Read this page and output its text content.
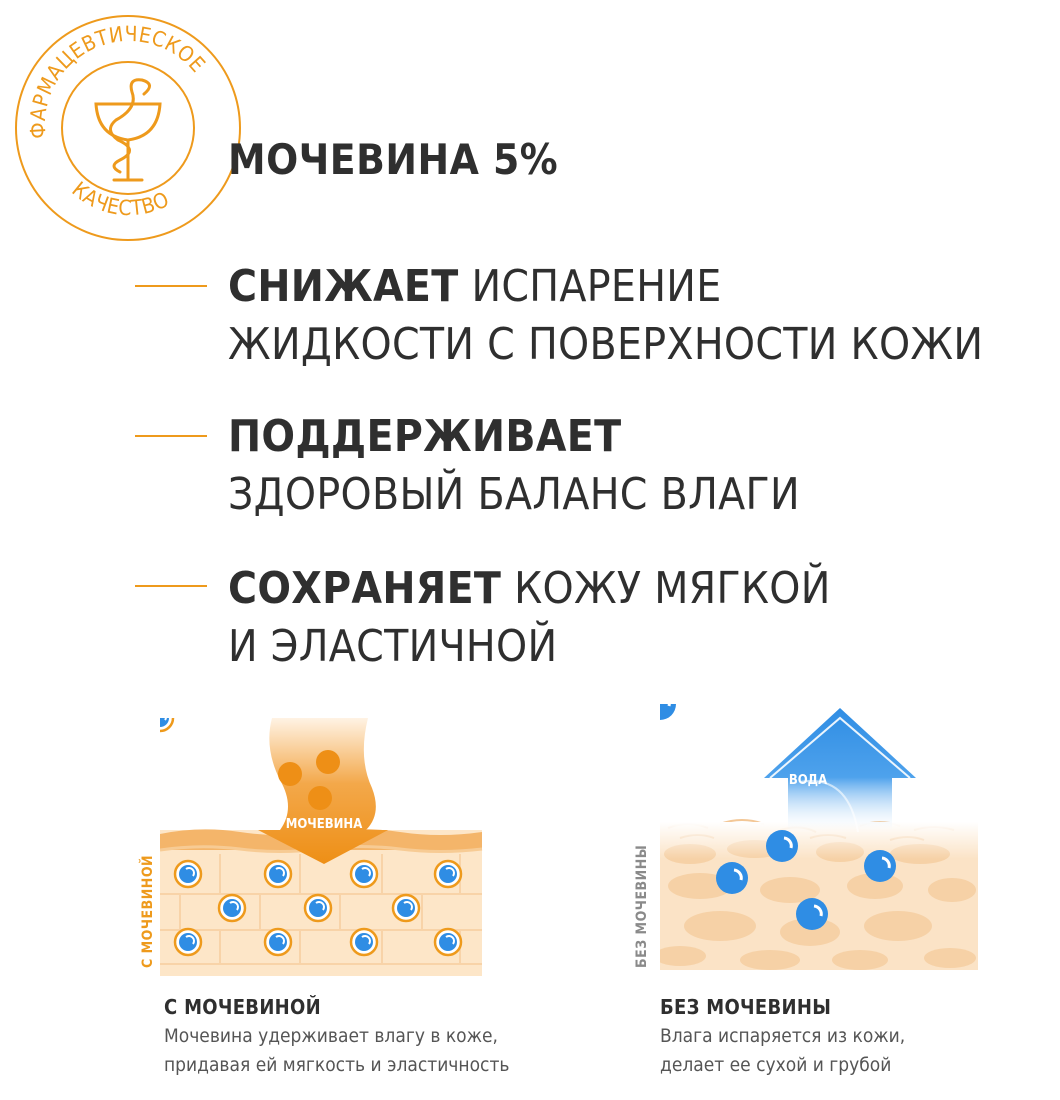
ФАРМАЦЕВТИЧЕСКОЕ
КАЧЕСТВО
МОЧЕВИНА 5%
СНИЖАЕТ ИСПАРЕНИЕ
ЖИДКОСТИ С ПОВЕРХНОСТИ КОЖИ
ПОДДЕРЖИВАЕТ
ЗДОРОВЫЙ БАЛАНС ВЛАГИ
СОХРАНЯЕТ КОЖУ МЯГКОЙ
И ЭЛАСТИЧНОЙ
С МОЧЕВИНОЙ
МОЧЕВИНА
БЕЗ МОЧЕВИНЫ
ВОДА
С МОЧЕВИНОЙ
Мочевина удерживает влагу в коже,
придавая ей мягкость и эластичность
БЕЗ МОЧЕВИНЫ
Влага испаряется из кожи,
делает ее сухой и грубой
